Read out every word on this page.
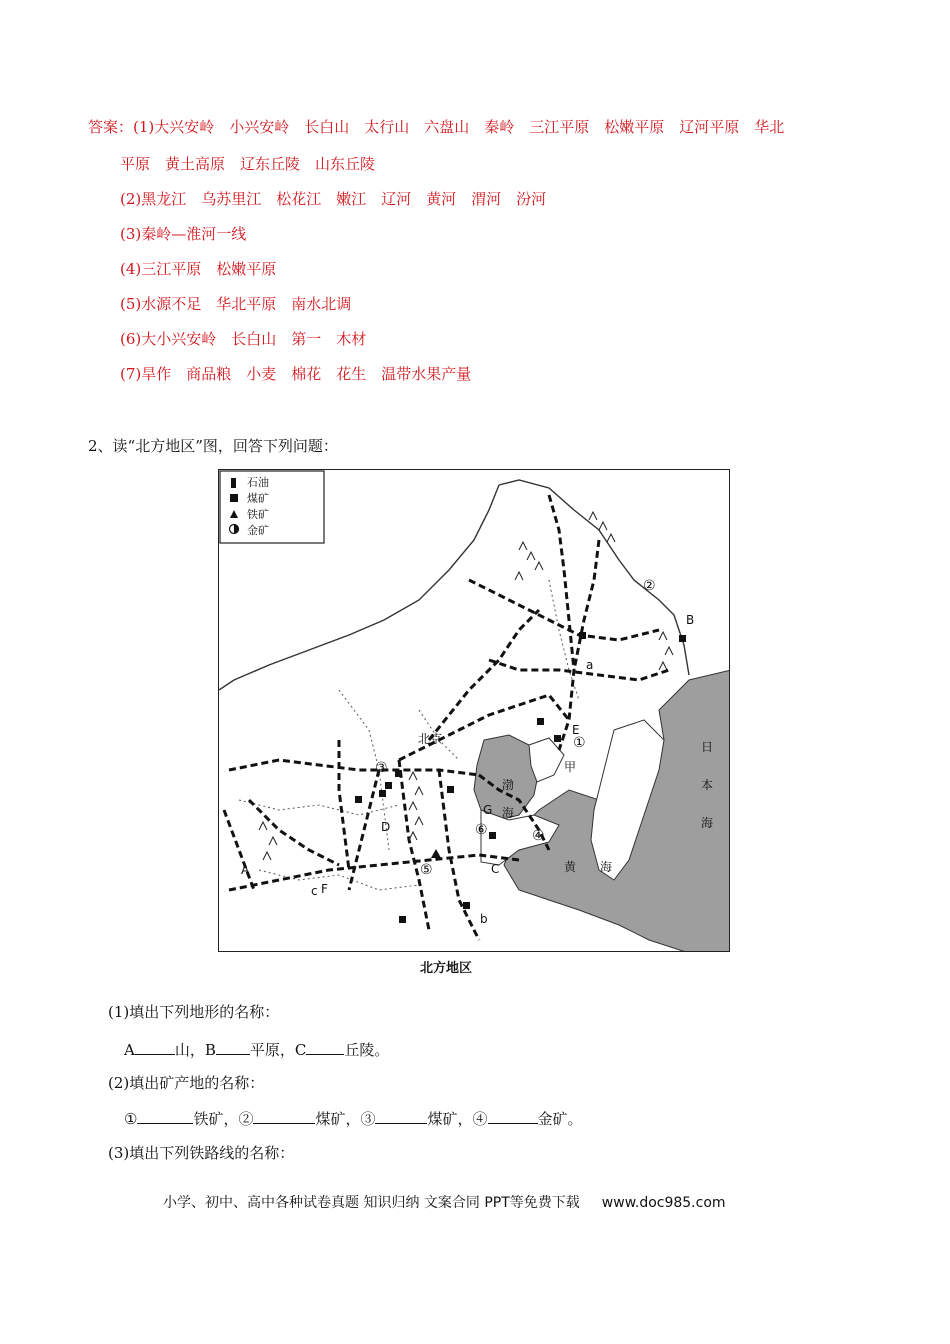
答案：(1)大兴安岭　小兴安岭　长白山　太行山　六盘山　秦岭　三江平原　松嫩平原　辽河平原　华北
平原　黄土高原　辽东丘陵　山东丘陵
(2)黑龙江　乌苏里江　松花江　嫩江　辽河　黄河　渭河　汾河
(3)秦岭—淮河一线
(4)三江平原　松嫩平原
(5)水源不足　华北平原　南水北调
(6)大小兴安岭　长白山　第一　木材
(7)旱作　商品粮　小麦　棉花　花生　温带水果产量
2、读“北方地区”图，回答下列问题：
石油
煤矿
铁矿
金矿
北京
A
B
C
D
E
F
G
a
b
c
甲
①
②
③
④
⑤
⑥
渤
海
黄 海
日
本
海
北方地区
(1)填出下列地形的名称：
A	山，B 平原，C	丘陵。
(2)填出矿产地的名称：
①	铁矿，②	煤矿，③	煤矿，④	金矿。
(3)填出下列铁路线的名称：
小学、初中、高中各种试卷真题 知识归纳 文案合同 PPT等免费下载 www.doc985.com
